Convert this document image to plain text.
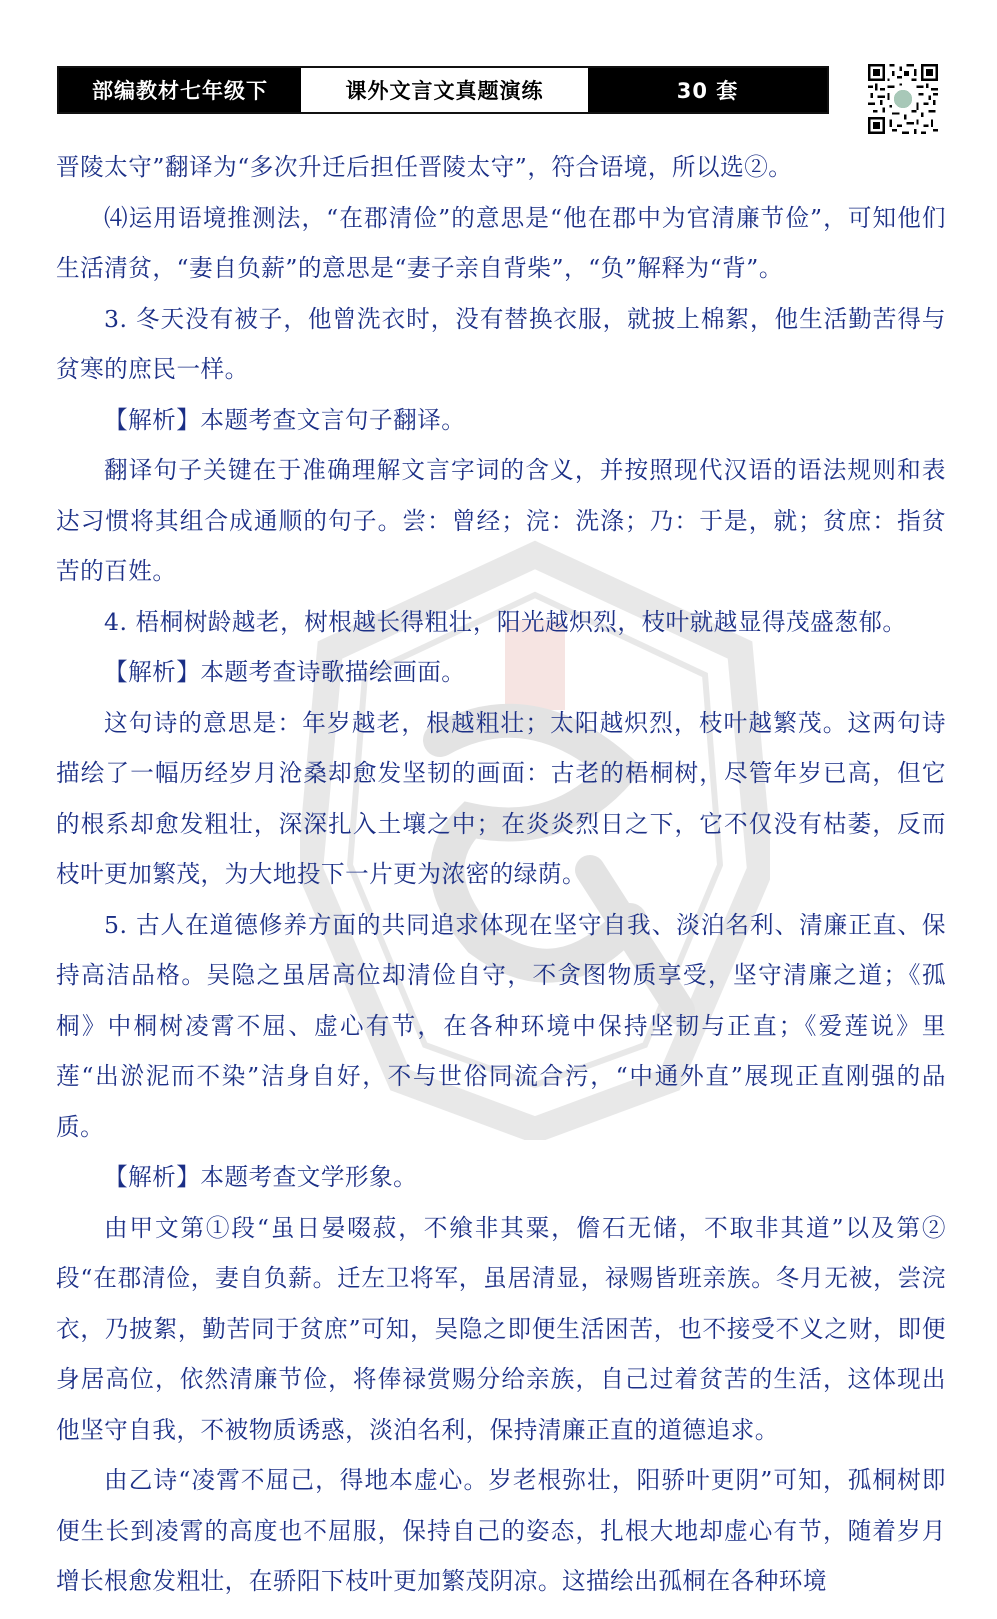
部编教材七年级下	课外文言文真题演练	30 套

晋陵太守”翻译为“多次升迁后担任晋陵太守”，符合语境，所以选②。

⑷运用语境推测法，“在郡清俭”的意思是“他在郡中为官清廉节俭”，可知他们生活清贫，“妻自负薪”的意思是“妻子亲自背柴”，“负”解释为“背”。

3. 冬天没有被子，他曾洗衣时，没有替换衣服，就披上棉絮，他生活勤苦得与贫寒的庶民一样。

【解析】本题考查文言句子翻译。

翻译句子关键在于准确理解文言字词的含义，并按照现代汉语的语法规则和表达习惯将其组合成通顺的句子。尝：曾经；浣：洗涤；乃：于是，就；贫庶：指贫苦的百姓。

4. 梧桐树龄越老，树根越长得粗壮，阳光越炽烈，枝叶就越显得茂盛葱郁。

【解析】本题考查诗歌描绘画面。

这句诗的意思是：年岁越老，根越粗壮；太阳越炽烈，枝叶越繁茂。这两句诗描绘了一幅历经岁月沧桑却愈发坚韧的画面：古老的梧桐树，尽管年岁已高，但它的根系却愈发粗壮，深深扎入土壤之中；在炎炎烈日之下，它不仅没有枯萎，反而枝叶更加繁茂，为大地投下一片更为浓密的绿荫。

5. 古人在道德修养方面的共同追求体现在坚守自我、淡泊名利、清廉正直、保持高洁品格。吴隐之虽居高位却清俭自守，不贪图物质享受，坚守清廉之道；《孤桐》中桐树凌霄不屈、虚心有节，在各种环境中保持坚韧与正直；《爱莲说》里莲“出淤泥而不染”洁身自好，不与世俗同流合污，“中通外直”展现正直刚强的品质。

【解析】本题考查文学形象。

由甲文第①段“虽日晏啜菽，不飨非其粟，儋石无储，不取非其道”以及第②段“在郡清俭，妻自负薪。迁左卫将军，虽居清显，禄赐皆班亲族。冬月无被，尝浣衣，乃披絮，勤苦同于贫庶”可知，吴隐之即便生活困苦，也不接受不义之财，即便身居高位，依然清廉节俭，将俸禄赏赐分给亲族，自己过着贫苦的生活，这体现出他坚守自我，不被物质诱惑，淡泊名利，保持清廉正直的道德追求。

由乙诗“凌霄不屈己，得地本虚心。岁老根弥壮，阳骄叶更阴”可知，孤桐树即便生长到凌霄的高度也不屈服，保持自己的姿态，扎根大地却虚心有节，随着岁月增长根愈发粗壮，在骄阳下枝叶更加繁茂阴凉。这描绘出孤桐在各种环境
